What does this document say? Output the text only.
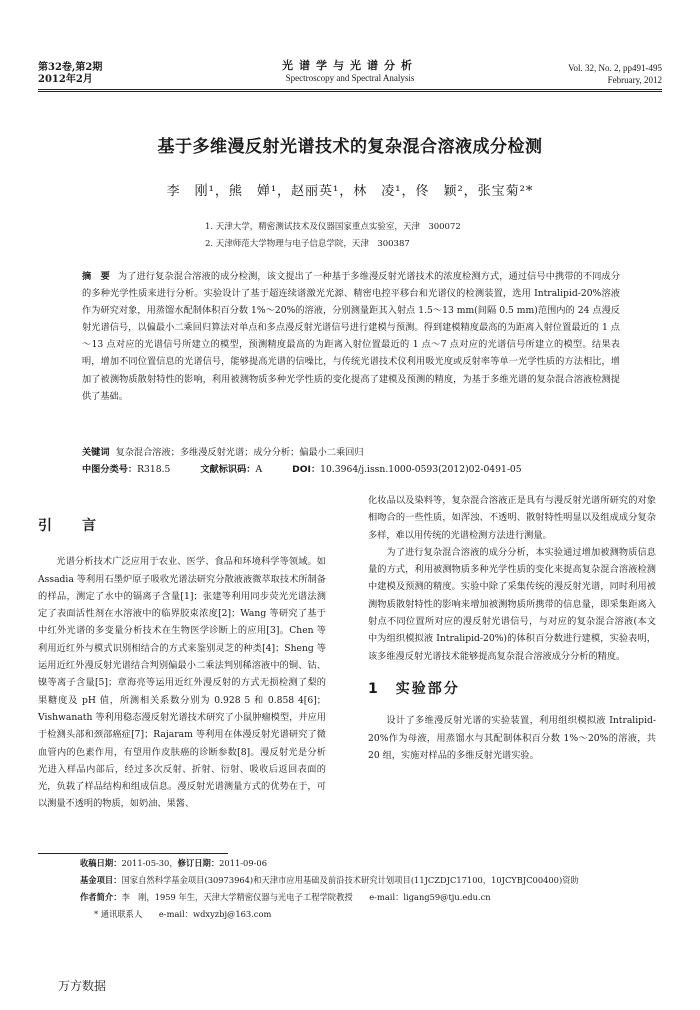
第32卷,第2期
2012年2月
光谱学与光谱分析
Spectroscopy and Spectral Analysis
Vol. 32, No. 2, pp491-495
February, 2012
基于多维漫反射光谱技术的复杂混合溶液成分检测
李　刚¹，熊　婵¹，赵丽英¹，林　凌¹，佟　颖²，张宝菊²*
1. 天津大学，精密测试技术及仪器国家重点实验室，天津　300072
2. 天津师范大学物理与电子信息学院，天津　300387
摘　要 为了进行复杂混合溶液的成分检测，该文提出了一种基于多维漫反射光谱技术的浓度检测方式，通过信号中携带的不同成分的多种光学性质来进行分析。实验设计了基于超连续谱激光光源、精密电控平移台和光谱仪的检测装置，选用 Intralipid-20%溶液作为研究对象，用蒸馏水配制体积百分数 1%～20%的溶液，分别测量距其入射点 1.5～13 mm(间隔 0.5 mm)范围内的 24 点漫反射光谱信号，以偏最小二乘回归算法对单点和多点漫反射光谱信号进行建模与预测。得到建模精度最高的为距离入射位置最近的 1 点～13 点对应的光谱信号所建立的模型，预测精度最高的为距离入射位置最近的 1 点～7 点对应的光谱信号所建立的模型。结果表明，增加不同位置信息的光谱信号，能够提高光谱的信噪比，与传统光谱技术仪利用吸光度或反射率等单一光学性质的方法相比，增加了被测物质散射特性的影响，利用被测物质多种光学性质的变化提高了建模及预测的精度，为基于多维光谱的复杂混合溶液检测提供了基础。
关键词 复杂混合溶液；多维漫反射光谱；成分分析；偏最小二乘回归
中图分类号：R318.5	文献标识码：A	DOI：10.3964/j.issn.1000-0593(2012)02-0491-05
引　言

光谱分析技术广泛应用于农业、医学、食品和环境科学等领域。如 Assadia 等利用石墨炉原子吸收光谱法研究分散液液微萃取技术所制备的样品，测定了水中的镉离子含量[1]；张建等利用同步荧光光谱法测定了表面活性剂在水溶液中的临界胶束浓度[2]；Wang 等研究了基于中红外光谱的多变量分析技术在生物医学诊断上的应用[3]。Chen 等利用近红外与模式识别相结合的方式来鉴别灵芝的种类[4]；Sheng 等运用近红外漫反射光谱结合判别偏最小二乘法判别稀溶液中的铜、钴、镍等离子含量[5]；章海亮等运用近红外漫反射的方式无损检测了梨的果糖度及 pH 值，所测相关系数分别为 0.928 5 和 0.858 4[6]；Vishwanath 等利用稳态漫反射光谱技术研究了小鼠肿瘤模型，并应用于检测头部和颈部癌症[7]；Rajaram 等利用在体漫反射光谱研究了微血管内的色素作用，有望用作皮肤癌的诊断参数[8]。漫反射光是分析光进入样品内部后，经过多次反射、折射、衍射、吸收后返回表面的光，负载了样品结构和组成信息。漫反射光谱测量方式的优势在于，可以测量不透明的物质，如奶油、果酱、

化妆品以及染料等，复杂混合溶液正是具有与漫反射光谱所研究的对象相吻合的一些性质，如浑浊、不透明、散射特性明显以及组成成分复杂多样，难以用传统的光谱检测方法进行测量。

为了进行复杂混合溶液的成分分析，本实验通过增加被测物质信息量的方式，利用被测物质多种光学性质的变化来提高复杂混合溶液检测中建模及预测的精度。实验中除了采集传统的漫反射光谱，同时利用被测物质散射特性的影响来增加被测物质所携带的信息量，即采集距离入射点不同位置所对应的漫反射光谱信号，与对应的复杂混合溶液(本文中为组织模拟液 Intralipid-20%)的体积百分数进行建模，实验表明，该多维漫反射光谱技术能够提高复杂混合溶液成分分析的精度。

1　实验部分

设计了多维漫反射光谱的实验装置，利用组织模拟液 Intralipid-20%作为母液，用蒸馏水与其配制体积百分数 1%～20%的溶液，共 20 组，实施对样品的多维反射光谱实验。

收稿日期：2011-05-30，修订日期：2011-09-06
基金项目：国家自然科学基金项目(30973964)和天津市应用基础及前沿技术研究计划项目(11JCZDJC17100，10JCYBJC00400)资助
作者简介：李　刚，1959 年生，天津大学精密仪器与光电子工程学院教授　　e-mail：ligang59@tju.edu.cn
* 通讯联系人　　e-mail：wdxyzbj@163.com
万方数据
